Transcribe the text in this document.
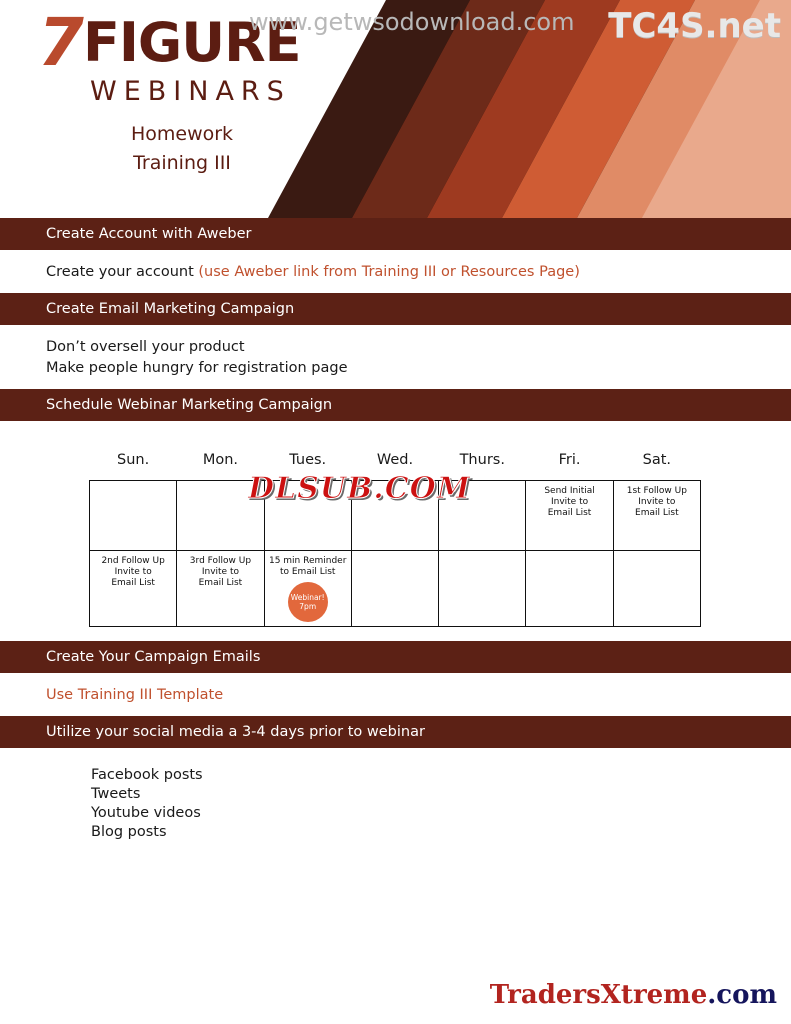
7FIGURE
WEBINARS
Homework
Training III
www.getwsodownload.com TC4S.net
Create Account with Aweber
Create your account (use Aweber link from Training III or Resources Page)
Create Email Marketing Campaign
Don’t oversell your product
Make people hungry for registration page
Schedule Webinar Marketing Campaign
Sun.	Mon.	Tues.	Wed.	Thurs.	Fri.	Sat.

					Send Initial
Invite to
Email List	1st Follow Up
Invite to
Email List

2nd Follow Up
Invite to
Email List	3rd Follow Up
Invite to
Email List	15 min Reminder
to Email List
Webinar!
7pm				

DLSUB.COM
Create Your Campaign Emails
Use Training III Template
Utilize your social media a 3-4 days prior to webinar
Facebook posts
Tweets
Youtube videos
Blog posts
TradersXtreme.com
